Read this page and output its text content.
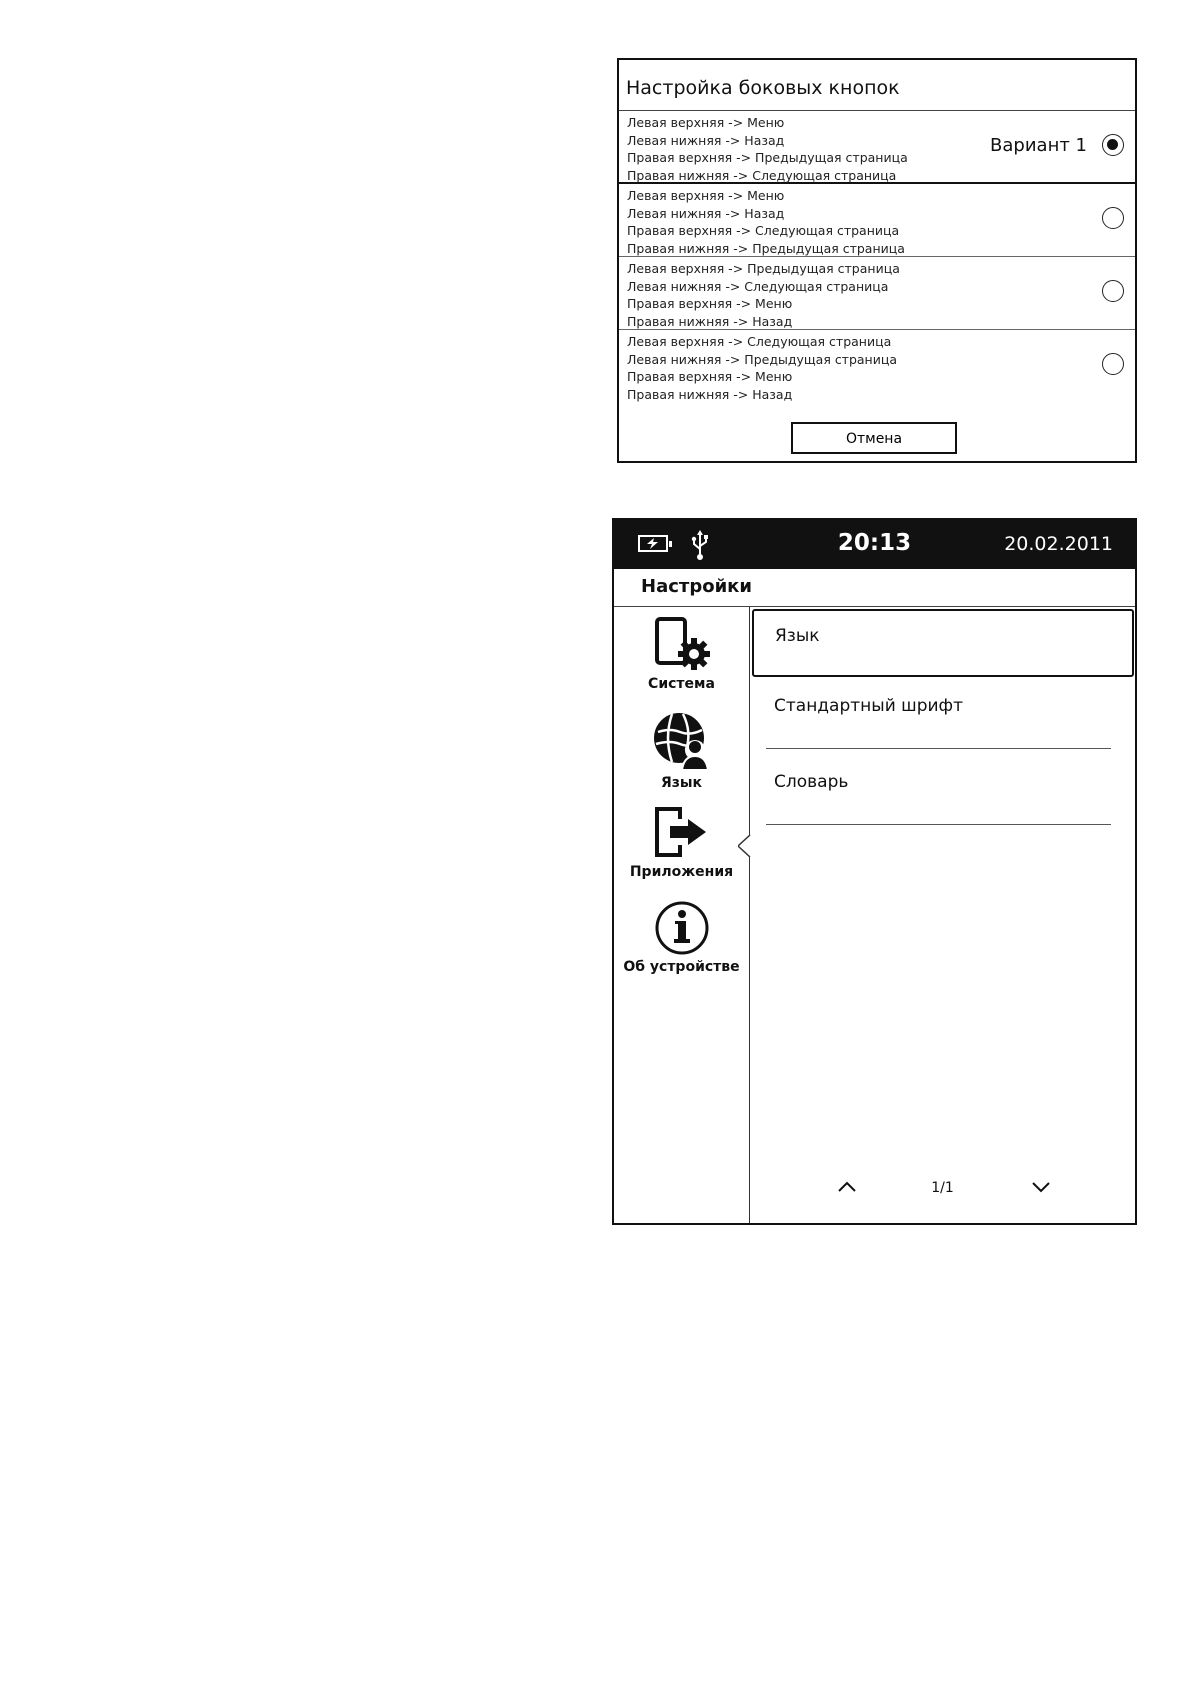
Настройка боковых кнопок
Левая верхняя -> Меню
Левая нижняя -> Назад
Правая верхняя -> Предыдущая страница
Правая нижняя -> Следующая страница
Вариант 1
Левая верхняя -> Меню
Левая нижняя -> Назад
Правая верхняя -> Следующая страница
Правая нижняя -> Предыдущая страница
Левая верхняя -> Предыдущая страница
Левая нижняя -> Следующая страница
Правая верхняя -> Меню
Правая нижняя -> Назад
Левая верхняя -> Следующая страница
Левая нижняя -> Предыдущая страница
Правая верхняя -> Меню
Правая нижняя -> Назад
Отмена
20:13	20.02.2011
Настройки
Система
Язык
Приложения
Об устройстве
Язык
Стандартный шрифт
Словарь
1/1
